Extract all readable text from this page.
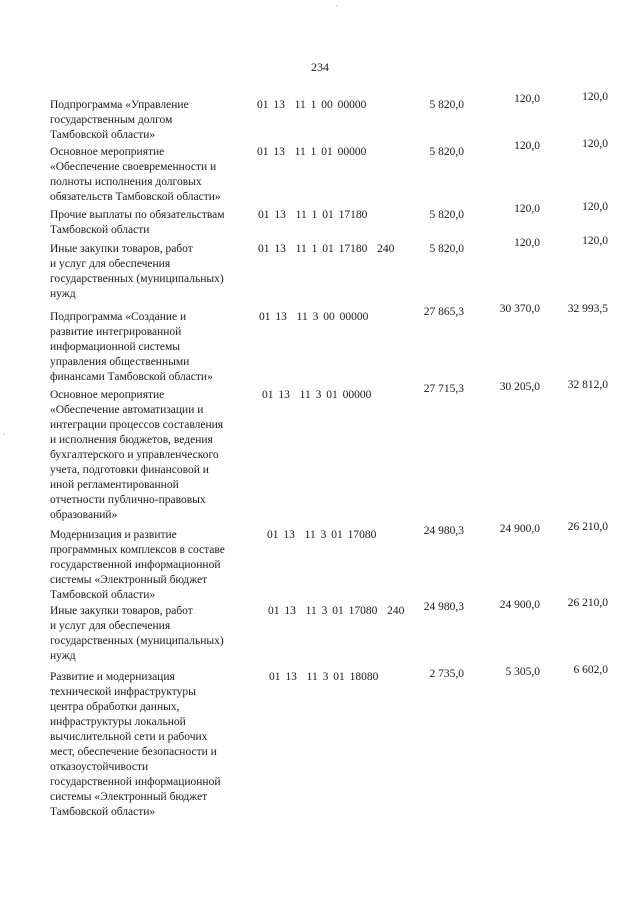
234
Подпрограмма «Управление
государственным долгом
Тамбовской области»
01 13  11 1 00 00000	5 820,0	120,0	120,0
Основное мероприятие
«Обеспечение своевременности и
полноты исполнения долговых
обязательств Тамбовской области»
01 13  11 1 01 00000	5 820,0	120,0	120,0
Прочие выплаты по обязательствам
Тамбовской области
01 13  11 1 01 17180	5 820,0	120,0	120,0
Иные закупки товаров, работ
и услуг для обеспечения
государственных (муниципальных)
нужд
01 13  11 1 01 17180  240	5 820,0	120,0	120,0
Подпрограмма «Создание и
развитие интегрированной
информационной системы
управления общественными
финансами Тамбовской области»
01 13  11 3 00 00000	27 865,3	30 370,0	32 993,5
Основное мероприятие
«Обеспечение автоматизации и
интеграции процессов составления
и исполнения бюджетов, ведения
бухгалтерского и управленческого
учета, подготовки финансовой и
иной регламентированной
отчетности публично-правовых
образований»
01 13  11 3 01 00000	27 715,3	30 205,0	32 812,0
Модернизация и развитие
программных комплексов в составе
государственной информационной
системы «Электронный бюджет
Тамбовской области»
01 13  11 3 01 17080	24 980,3	24 900,0	26 210,0
Иные закупки товаров, работ
и услуг для обеспечения
государственных (муниципальных)
нужд
01 13  11 3 01 17080  240	24 980,3	24 900,0	26 210,0
Развитие и модернизация
технической инфраструктуры
центра обработки данных,
инфраструктуры локальной
вычислительной сети и рабочих
мест, обеспечение безопасности и
отказоустойчивости
государственной информационной
системы «Электронный бюджет
Тамбовской области»
01 13  11 3 01 18080	2 735,0	5 305,0	6 602,0
·
·
